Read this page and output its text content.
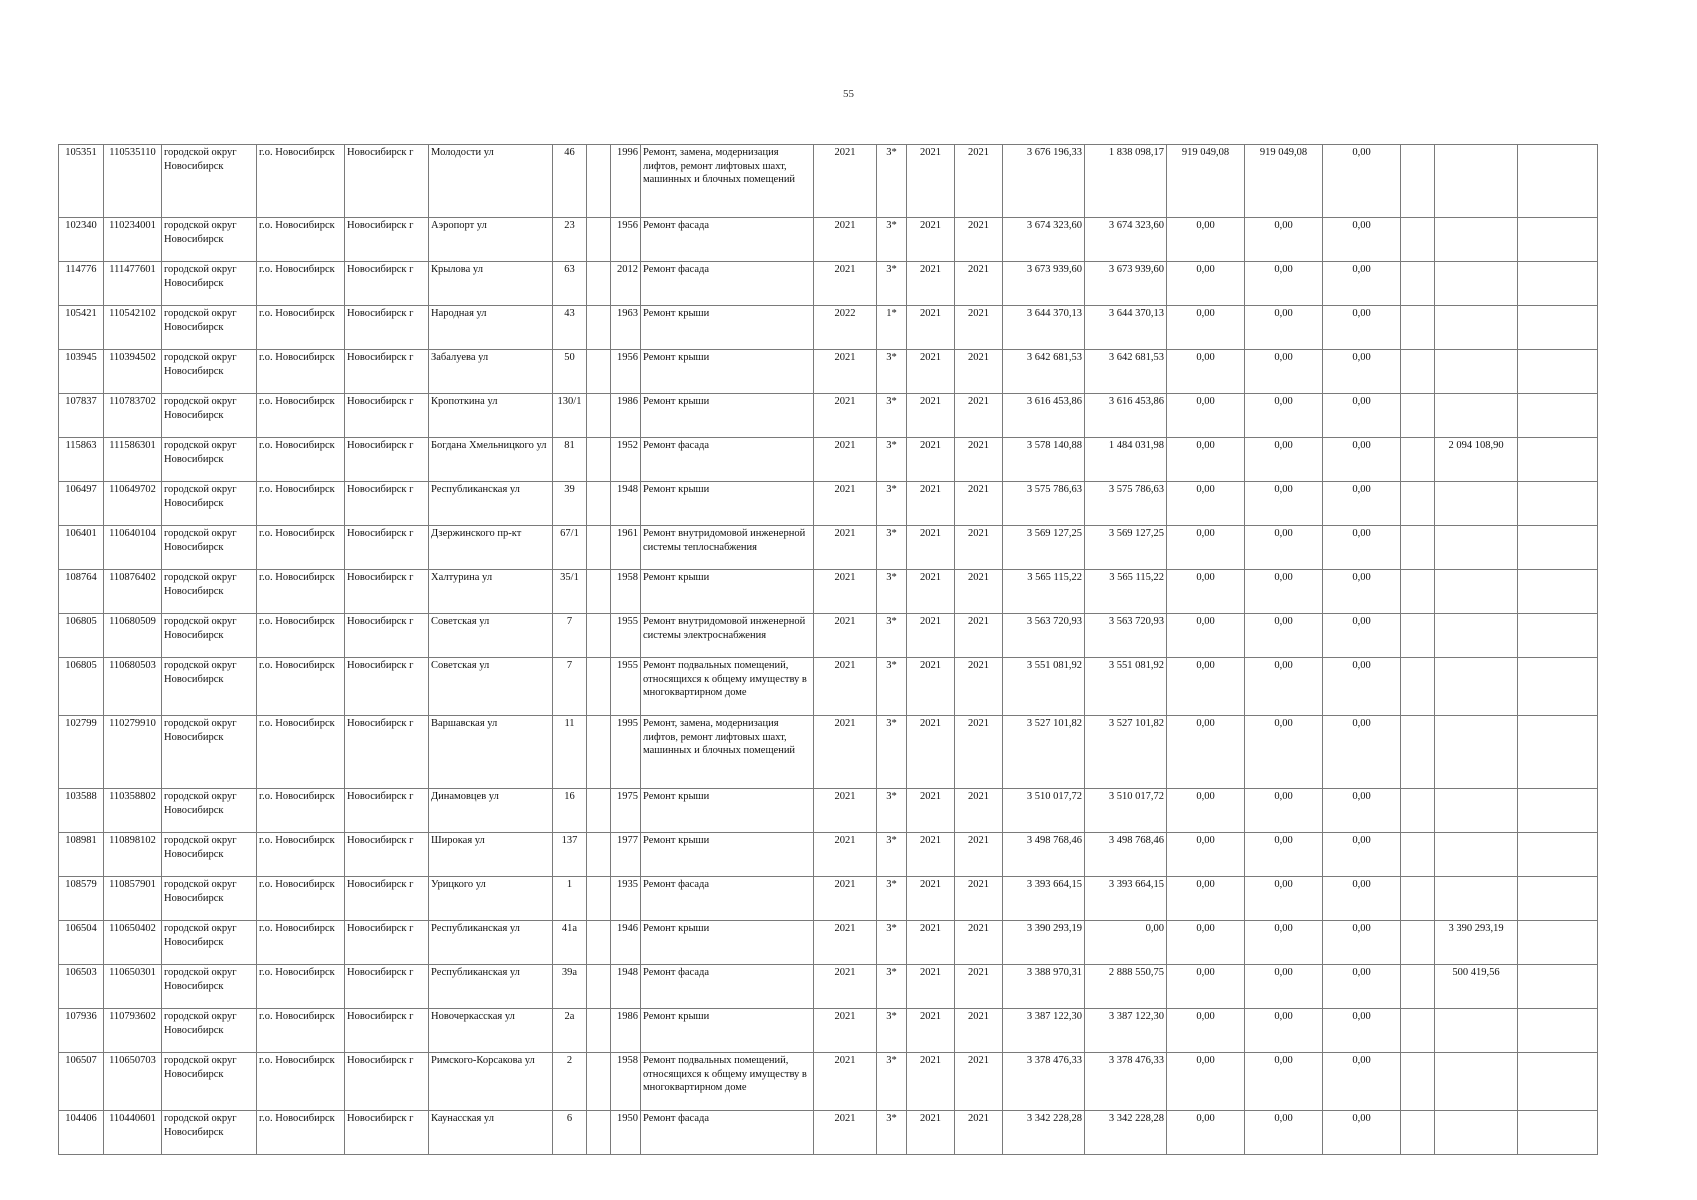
55
105351	110535110	городской округ Новосибирск	г.о. Новосибирск	Новосибирск г	Молодости ул	46		1996	Ремонт, замена, модернизация лифтов, ремонт лифтовых шахт, машинных и блочных помещений	2021	3*	2021	2021	3 676 196,33	1 838 098,17	919 049,08	919 049,08	0,00			
102340	110234001	городской округ Новосибирск	г.о. Новосибирск	Новосибирск г	Аэропорт ул	23		1956	Ремонт фасада	2021	3*	2021	2021	3 674 323,60	3 674 323,60	0,00	0,00	0,00			
114776	111477601	городской округ Новосибирск	г.о. Новосибирск	Новосибирск г	Крылова ул	63		2012	Ремонт фасада	2021	3*	2021	2021	3 673 939,60	3 673 939,60	0,00	0,00	0,00			
105421	110542102	городской округ Новосибирск	г.о. Новосибирск	Новосибирск г	Народная ул	43		1963	Ремонт крыши	2022	1*	2021	2021	3 644 370,13	3 644 370,13	0,00	0,00	0,00			
103945	110394502	городской округ Новосибирск	г.о. Новосибирск	Новосибирск г	Забалуева ул	50		1956	Ремонт крыши	2021	3*	2021	2021	3 642 681,53	3 642 681,53	0,00	0,00	0,00			
107837	110783702	городской округ Новосибирск	г.о. Новосибирск	Новосибирск г	Кропоткина ул	130/1		1986	Ремонт крыши	2021	3*	2021	2021	3 616 453,86	3 616 453,86	0,00	0,00	0,00			
115863	111586301	городской округ Новосибирск	г.о. Новосибирск	Новосибирск г	Богдана Хмельницкого ул	81		1952	Ремонт фасада	2021	3*	2021	2021	3 578 140,88	1 484 031,98	0,00	0,00	0,00		2 094 108,90	
106497	110649702	городской округ Новосибирск	г.о. Новосибирск	Новосибирск г	Республиканская ул	39		1948	Ремонт крыши	2021	3*	2021	2021	3 575 786,63	3 575 786,63	0,00	0,00	0,00			
106401	110640104	городской округ Новосибирск	г.о. Новосибирск	Новосибирск г	Дзержинского пр-кт	67/1		1961	Ремонт внутридомовой инженерной системы теплоснабжения	2021	3*	2021	2021	3 569 127,25	3 569 127,25	0,00	0,00	0,00			
108764	110876402	городской округ Новосибирск	г.о. Новосибирск	Новосибирск г	Халтурина ул	35/1		1958	Ремонт крыши	2021	3*	2021	2021	3 565 115,22	3 565 115,22	0,00	0,00	0,00			
106805	110680509	городской округ Новосибирск	г.о. Новосибирск	Новосибирск г	Советская ул	7		1955	Ремонт внутридомовой инженерной системы электроснабжения	2021	3*	2021	2021	3 563 720,93	3 563 720,93	0,00	0,00	0,00			
106805	110680503	городской округ Новосибирск	г.о. Новосибирск	Новосибирск г	Советская ул	7		1955	Ремонт подвальных помещений, относящихся к общему имуществу в многоквартирном доме	2021	3*	2021	2021	3 551 081,92	3 551 081,92	0,00	0,00	0,00			
102799	110279910	городской округ Новосибирск	г.о. Новосибирск	Новосибирск г	Варшавская ул	11		1995	Ремонт, замена, модернизация лифтов, ремонт лифтовых шахт, машинных и блочных помещений	2021	3*	2021	2021	3 527 101,82	3 527 101,82	0,00	0,00	0,00			
103588	110358802	городской округ Новосибирск	г.о. Новосибирск	Новосибирск г	Динамовцев ул	16		1975	Ремонт крыши	2021	3*	2021	2021	3 510 017,72	3 510 017,72	0,00	0,00	0,00			
108981	110898102	городской округ Новосибирск	г.о. Новосибирск	Новосибирск г	Широкая ул	137		1977	Ремонт крыши	2021	3*	2021	2021	3 498 768,46	3 498 768,46	0,00	0,00	0,00			
108579	110857901	городской округ Новосибирск	г.о. Новосибирск	Новосибирск г	Урицкого ул	1		1935	Ремонт фасада	2021	3*	2021	2021	3 393 664,15	3 393 664,15	0,00	0,00	0,00			
106504	110650402	городской округ Новосибирск	г.о. Новосибирск	Новосибирск г	Республиканская ул	41а		1946	Ремонт крыши	2021	3*	2021	2021	3 390 293,19	0,00	0,00	0,00	0,00		3 390 293,19	
106503	110650301	городской округ Новосибирск	г.о. Новосибирск	Новосибирск г	Республиканская ул	39а		1948	Ремонт фасада	2021	3*	2021	2021	3 388 970,31	2 888 550,75	0,00	0,00	0,00		500 419,56	
107936	110793602	городской округ Новосибирск	г.о. Новосибирск	Новосибирск г	Новочеркасская ул	2а		1986	Ремонт крыши	2021	3*	2021	2021	3 387 122,30	3 387 122,30	0,00	0,00	0,00			
106507	110650703	городской округ Новосибирск	г.о. Новосибирск	Новосибирск г	Римского-Корсакова ул	2		1958	Ремонт подвальных помещений, относящихся к общему имуществу в многоквартирном доме	2021	3*	2021	2021	3 378 476,33	3 378 476,33	0,00	0,00	0,00			
104406	110440601	городской округ Новосибирск	г.о. Новосибирск	Новосибирск г	Каунасская ул	6		1950	Ремонт фасада	2021	3*	2021	2021	3 342 228,28	3 342 228,28	0,00	0,00	0,00			
